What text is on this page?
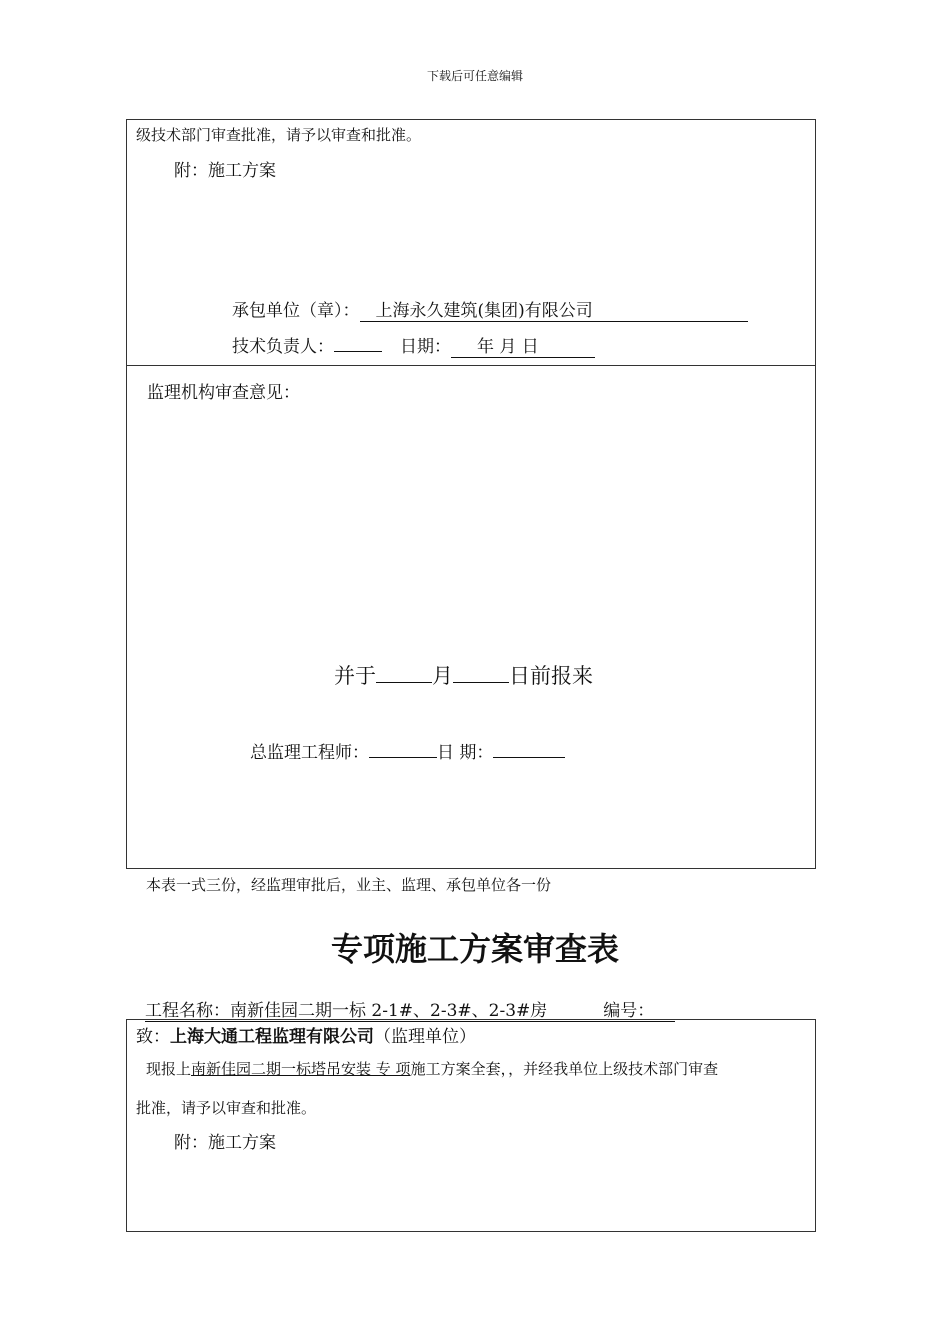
下载后可任意编辑
级技术部门审查批准，请予以审查和批准。
附：施工方案
承包单位（章）： 上海永久建筑(集团)有限公司
技术负责人：	日期： 年 月 日
监理机构审查意见：
并于	月	日前报来
总监理工程师：	日 期：
本表一式三份，经监理审批后，业主、监理、承包单位各一份
专项施工方案审查表
工程名称：南新佳园二期一标 2-1#、2-3#、2-3#房	编号：
致：上海大通工程监理有限公司（监理单位）
现报上南新佳园二期一标塔吊安装 专 项施工方案全套，，并经我单位上级技术部门审查
批准，请予以审查和批准。
附：施工方案
